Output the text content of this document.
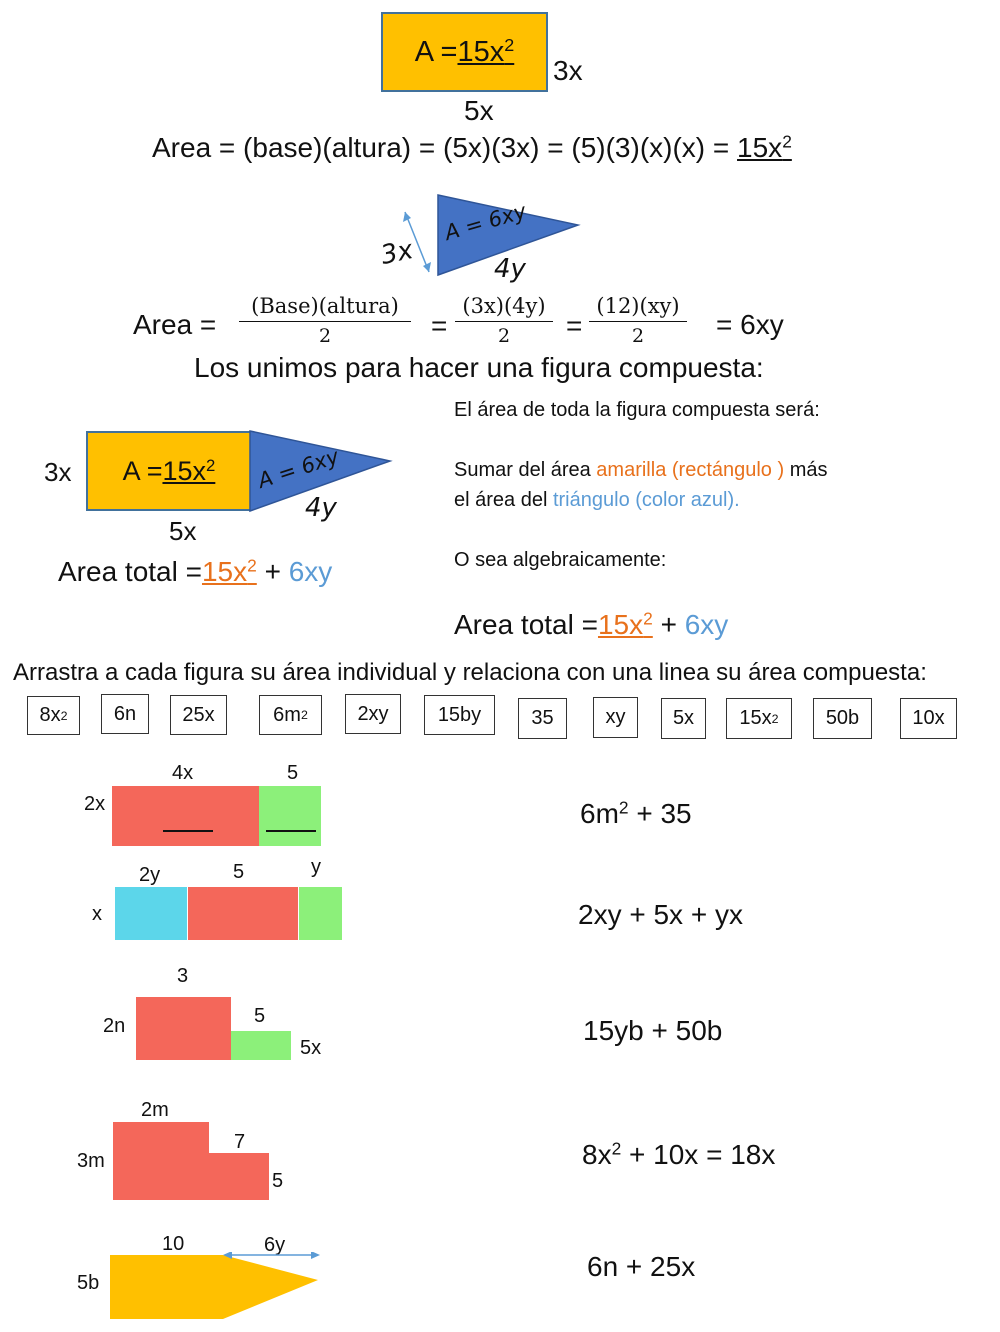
$A = 15x^2$
3x
5x
Area = (base)(altura) = $(5x)(3x) = (5)(3)(x)(x) = 15x^2$
A = 6xy
3x	4y
Area =
(Base)(altura)
2	= $\frac{(3x)(4y)}{2} = \frac{(12)(xy)}{2} = 6xy$
Los unimos para hacer una figura compuesta:
3x $A = 15x^2$ A = 6xy
4y
5x
Area total $=15x^2 + 6xy$
El área de toda la figura compuesta será:
Sumar del área amarilla (rectángulo ) más
el área del triángulo (color azul).
O sea algebraicamente:
Area total $=15x^2 + 6xy$
Arrastra a cada figura su área individual y relaciona con una linea su área compuesta:
8x 2 6n 25x	6m 2 2xy 15by	35	xy 5x 15x 2 50b	10x
4x	5
2x
2y	5	y
x
3
2n	5
5x
2m
3m
7
5
10	6y
5b
$6m^2 + 35$
2xy + 5x + yx
15yb + 50b
$8x^2 + 10x = 18x$
6n + 25x
